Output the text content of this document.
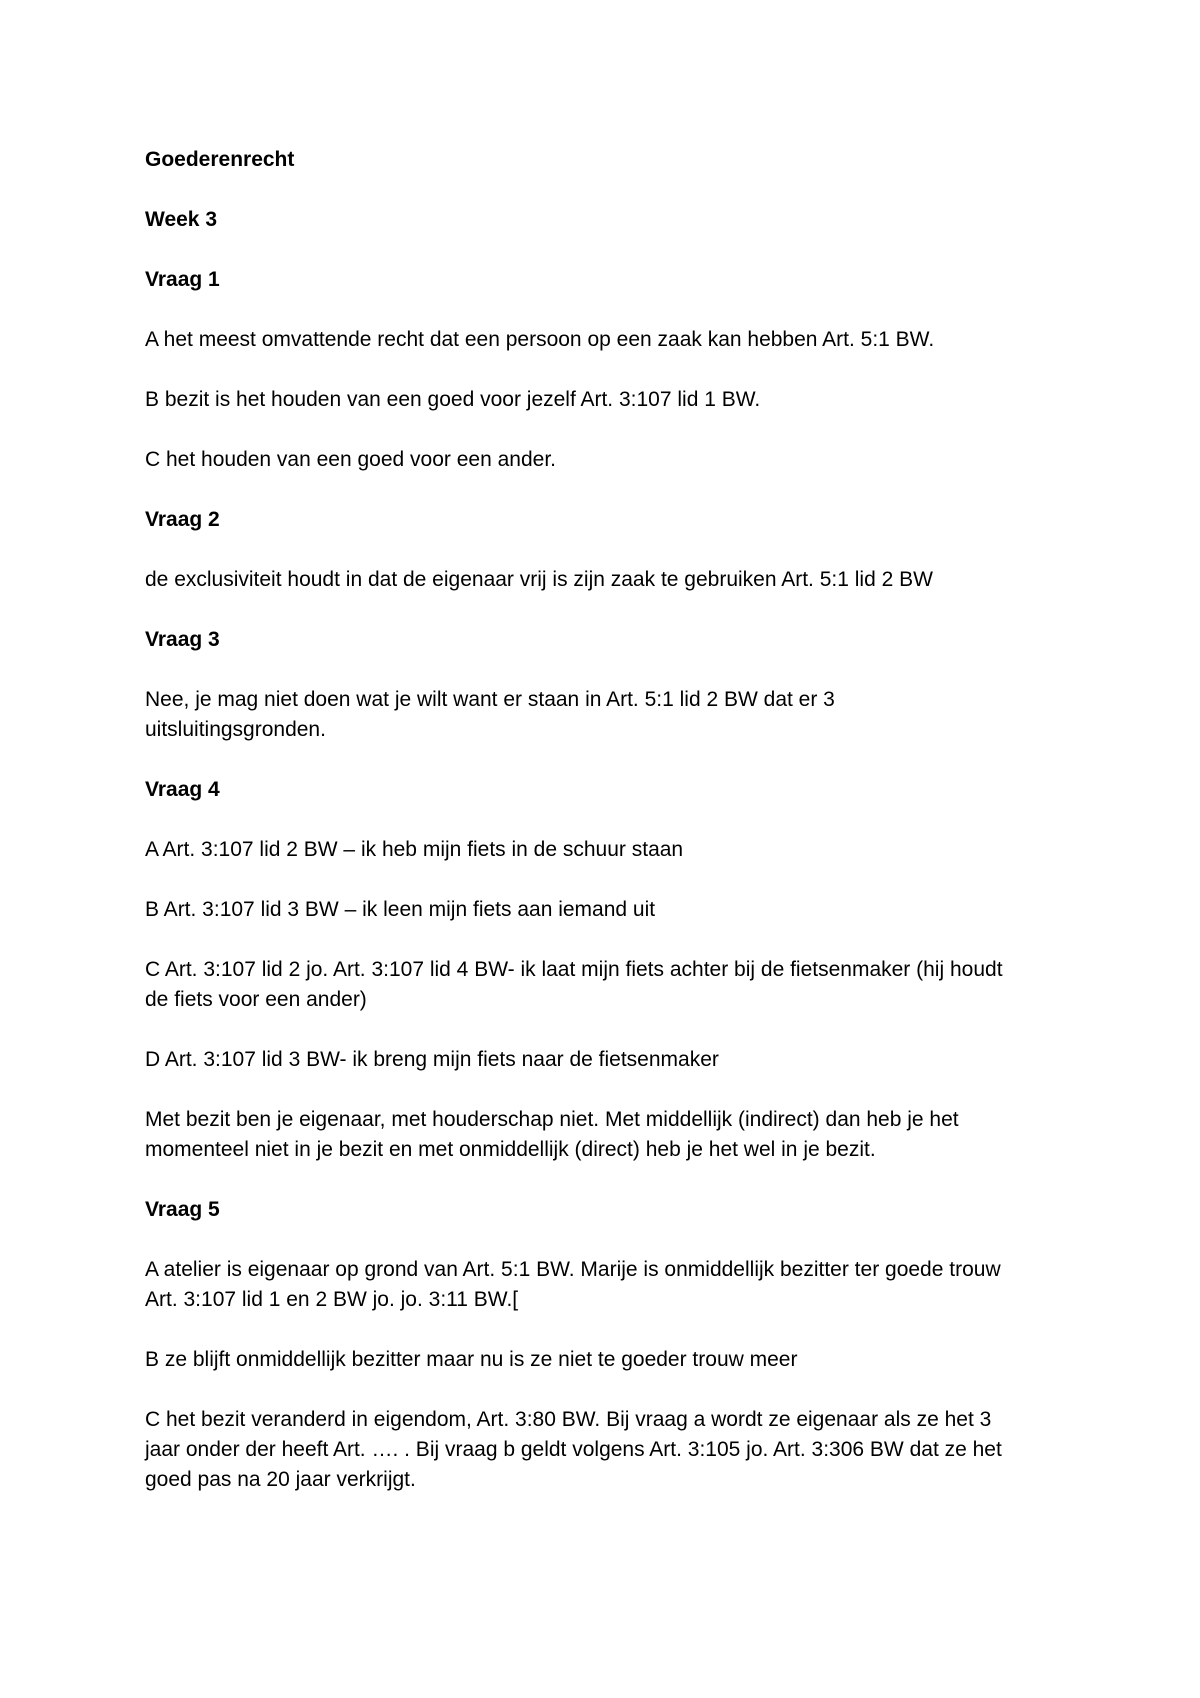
Goederenrecht

Week 3

Vraag 1

A het meest omvattende recht dat een persoon op een zaak kan hebben Art. 5:1 BW.

B bezit is het houden van een goed voor jezelf Art. 3:107 lid 1 BW.

C het houden van een goed voor een ander.

Vraag 2

de exclusiviteit houdt in dat de eigenaar vrij is zijn zaak te gebruiken Art. 5:1 lid 2 BW

Vraag 3

Nee, je mag niet doen wat je wilt want er staan in Art. 5:1 lid 2 BW dat er 3

uitsluitingsgronden.

Vraag 4

A Art. 3:107 lid 2 BW – ik heb mijn fiets in de schuur staan

B Art. 3:107 lid 3 BW – ik leen mijn fiets aan iemand uit

C Art. 3:107 lid 2 jo. Art. 3:107 lid 4 BW- ik laat mijn fiets achter bij de fietsenmaker (hij houdt

de fiets voor een ander)

D Art. 3:107 lid 3 BW- ik breng mijn fiets naar de fietsenmaker

Met bezit ben je eigenaar, met houderschap niet. Met middellijk (indirect) dan heb je het

momenteel niet in je bezit en met onmiddellijk (direct) heb je het wel in je bezit.

Vraag 5

A atelier is eigenaar op grond van Art. 5:1 BW. Marije is onmiddellijk bezitter ter goede trouw

Art. 3:107 lid 1 en 2 BW jo. jo. 3:11 BW.[

B ze blijft onmiddellijk bezitter maar nu is ze niet te goeder trouw meer

C het bezit veranderd in eigendom, Art. 3:80 BW. Bij vraag a wordt ze eigenaar als ze het 3

jaar onder der heeft Art. …. . Bij vraag b geldt volgens Art. 3:105 jo. Art. 3:306 BW dat ze het

goed pas na 20 jaar verkrijgt.
